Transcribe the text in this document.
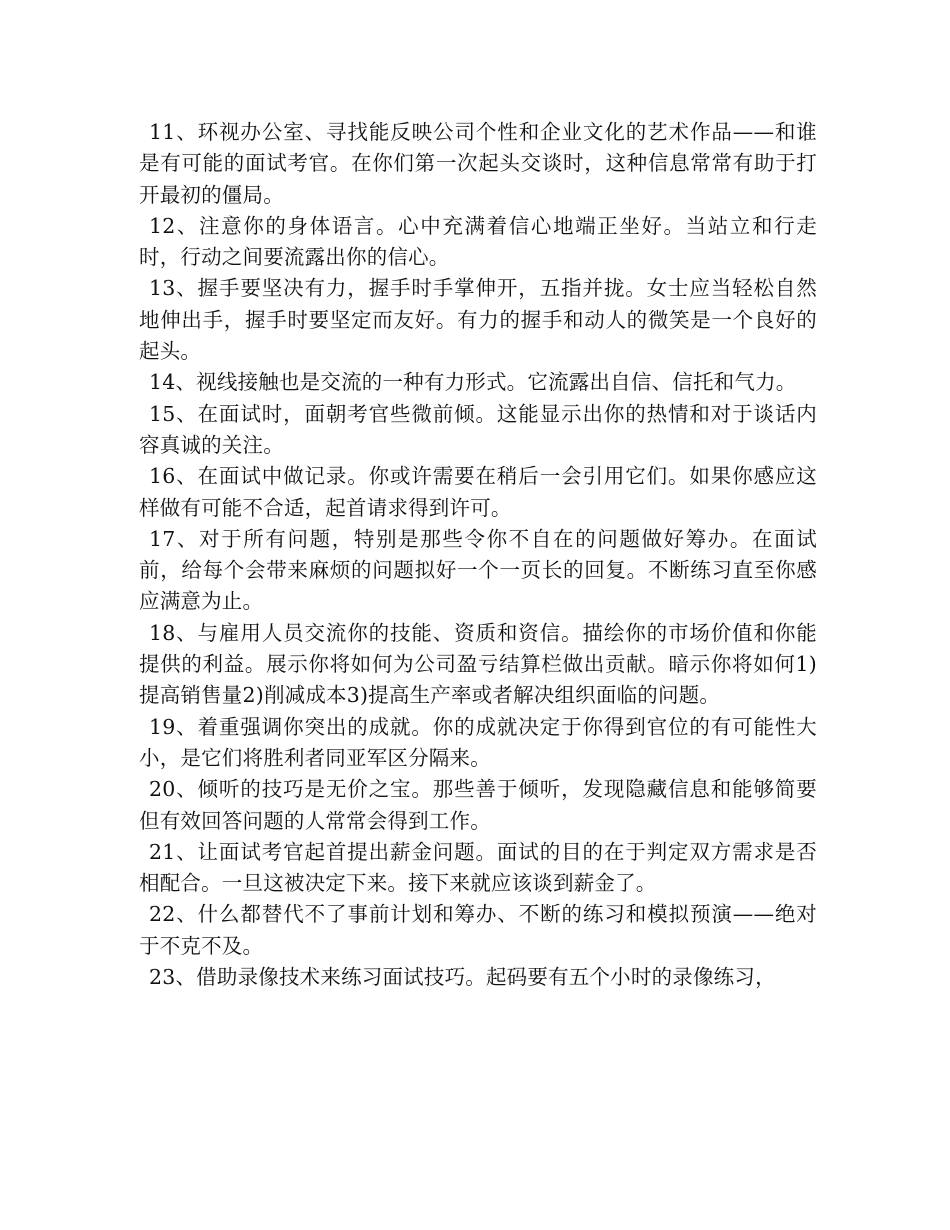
11、环视办公室、寻找能反映公司个性和企业文化的艺术作品——和谁是有可能的面试考官。在你们第一次起头交谈时，这种信息常常有助于打开最初的僵局。

12、注意你的身体语言。心中充满着信心地端正坐好。当站立和行走时，行动之间要流露出你的信心。

13、握手要坚决有力，握手时手掌伸开，五指并拢。女士应当轻松自然地伸出手，握手时要坚定而友好。有力的握手和动人的微笑是一个良好的起头。

14、视线接触也是交流的一种有力形式。它流露出自信、信托和气力。

15、在面试时，面朝考官些微前倾。这能显示出你的热情和对于谈话内容真诚的关注。

16、在面试中做记录。你或许需要在稍后一会引用它们。如果你感应这样做有可能不合适，起首请求得到许可。

17、对于所有问题，特别是那些令你不自在的问题做好筹办。在面试前，给每个会带来麻烦的问题拟好一个一页长的回复。不断练习直至你感应满意为止。

18、与雇用人员交流你的技能、资质和资信。描绘你的市场价值和你能提供的利益。展示你将如何为公司盈亏结算栏做出贡献。暗示你将如何1)提高销售量2)削减成本3)提高生产率或者解决组织面临的问题。

19、着重强调你突出的成就。你的成就决定于你得到官位的有可能性大小，是它们将胜利者同亚军区分隔来。

20、倾听的技巧是无价之宝。那些善于倾听，发现隐藏信息和能够简要但有效回答问题的人常常会得到工作。

21、让面试考官起首提出薪金问题。面试的目的在于判定双方需求是否相配合。一旦这被决定下来。接下来就应该谈到薪金了。

22、什么都替代不了事前计划和筹办、不断的练习和模拟预演——绝对于不克不及。

23、借助录像技术来练习面试技巧。起码要有五个小时的录像练习，
